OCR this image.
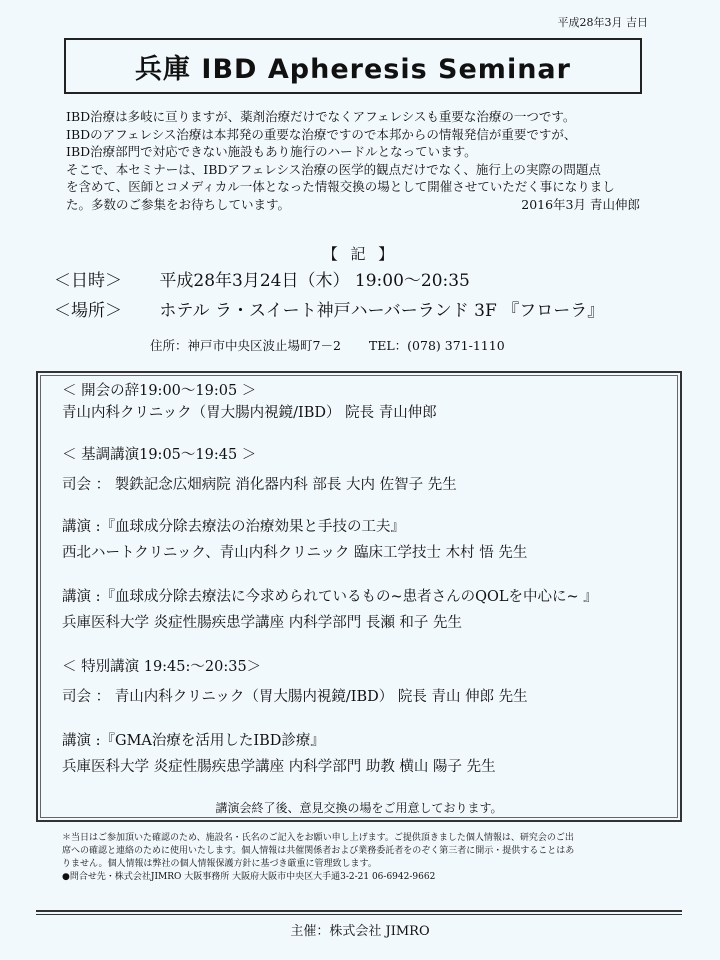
平成28年3月 吉日
兵庫 IBD Apheresis Seminar

IBD治療は多岐に亘りますが、薬剤治療だけでなくアフェレシスも重要な治療の一つです。

IBDのアフェレシス治療は本邦発の重要な治療ですので本邦からの情報発信が重要ですが、

IBD治療部門で対応できない施設もあり施行のハードルとなっています。

そこで、本セミナーは、IBDアフェレシス治療の医学的観点だけでなく、施行上の実際の問題点

を含めて、医師とコメディカル一体となった情報交換の場として開催させていただく事になりまし

た。多数のご参集をお待ちしています。	2016年3月 青山伸郎

【 記 】
＜日時＞ 平成28年3月24日（木） 19:00〜20:35
＜場所＞ ホテル ラ・スイート神戸ハーバーランド 3F 『フローラ』
住所：神戸市中央区波止場町7－2 TEL：(078) 371-1110
＜ 開会の辞19:00〜19:05 ＞
青山内科クリニック（胃大腸内視鏡/IBD） 院長 青山伸郎
＜ 基調講演19:05〜19:45 ＞
司会 ： 製鉄記念広畑病院 消化器内科 部長 大内 佐智子 先生
講演 :『血球成分除去療法の治療効果と手技の工夫』
西北ハートクリニック、青山内科クリニック 臨床工学技士 木村 悟 先生
講演 :『血球成分除去療法に今求められているもの~患者さんのQOLを中心に~ 』
兵庫医科大学 炎症性腸疾患学講座 内科学部門 長瀬 和子 先生
＜ 特別講演 19:45:〜20:35＞
司会 ： 青山内科クリニック（胃大腸内視鏡/IBD） 院長 青山 伸郎 先生
講演 :『GMA治療を活用したIBD診療』
兵庫医科大学 炎症性腸疾患学講座 内科学部門 助教 横山 陽子 先生
講演会終了後、意見交換の場をご用意しております。

＊当日はご参加頂いた確認のため、施設名・氏名のご記入をお願い申し上げます。ご提供頂きました個人情報は、研究会のご出

席への確認と連絡のために使用いたします。個人情報は共催関係者および業務委託者をのぞく第三者に開示・提供することはあ

りません。個人情報は弊社の個人情報保護方針に基づき厳重に管理致します。

●問合せ先・株式会社JIMRO 大阪事務所 大阪府大阪市中央区大手通3-2-21 06-6942-9662

主催：株式会社 JIMRO
